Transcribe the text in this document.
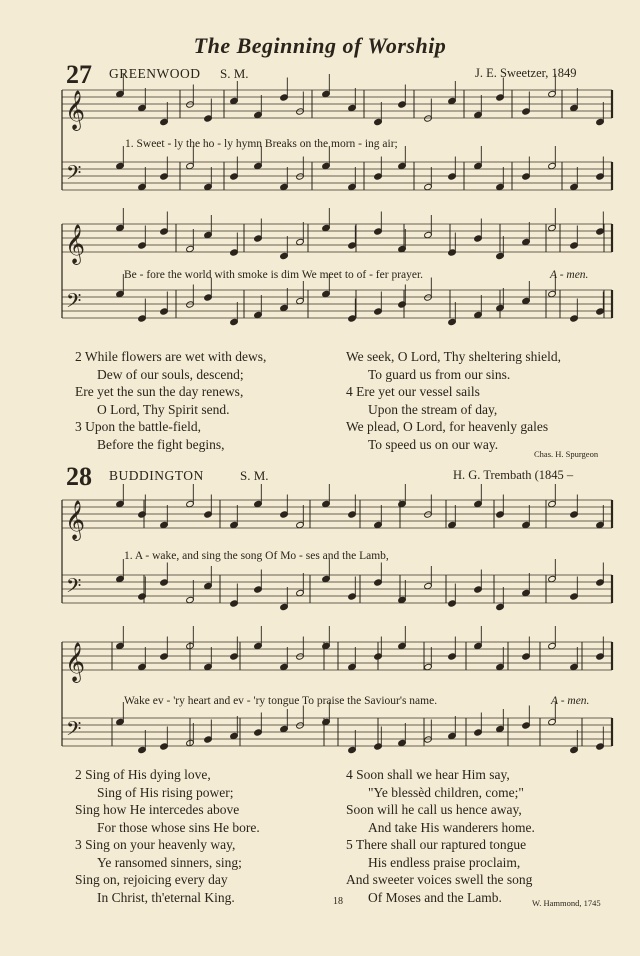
The Beginning of Worship
27 GREENWOOD S. M.	J. E. Sweetzer, 1849
𝄞
𝄢
𝄞
𝄢
𝄞
𝄢
𝄞
𝄢
1. Sweet - ly the ho - ly hymn Breaks on the morn - ing air;
Be - fore the world with smoke is dim We meet to of - fer prayer.	A - men.
2 While flowers are wet with dews,
Dew of our souls, descend;
Ere yet the sun the day renews,
O Lord, Thy Spirit send.
3 Upon the battle-field,
Before the fight begins,
We seek, O Lord, Thy sheltering shield,
To guard us from our sins.
4 Ere yet our vessel sails
Upon the stream of day,
We plead, O Lord, for heavenly gales
To speed us on our way.
Chas. H. Spurgeon
28 BUDDINGTON	S. M.	H. G. Trembath (1845 –
1. A - wake, and sing the song Of Mo - ses and the Lamb,
Wake ev - 'ry heart and ev - 'ry tongue To praise the Saviour's name.	A - men.
2 Sing of His dying love,
Sing of His rising power;
Sing how He intercedes above
For those whose sins He bore.
3 Sing on your heavenly way,
Ye ransomed sinners, sing;
Sing on, rejoicing every day
In Christ, th'eternal King.
4 Soon shall we hear Him say,
"Ye blessèd children, come;"
Soon will he call us hence away,
And take His wanderers home.
5 There shall our raptured tongue
His endless praise proclaim,
And sweeter voices swell the song
Of Moses and the Lamb.
18	W. Hammond, 1745
